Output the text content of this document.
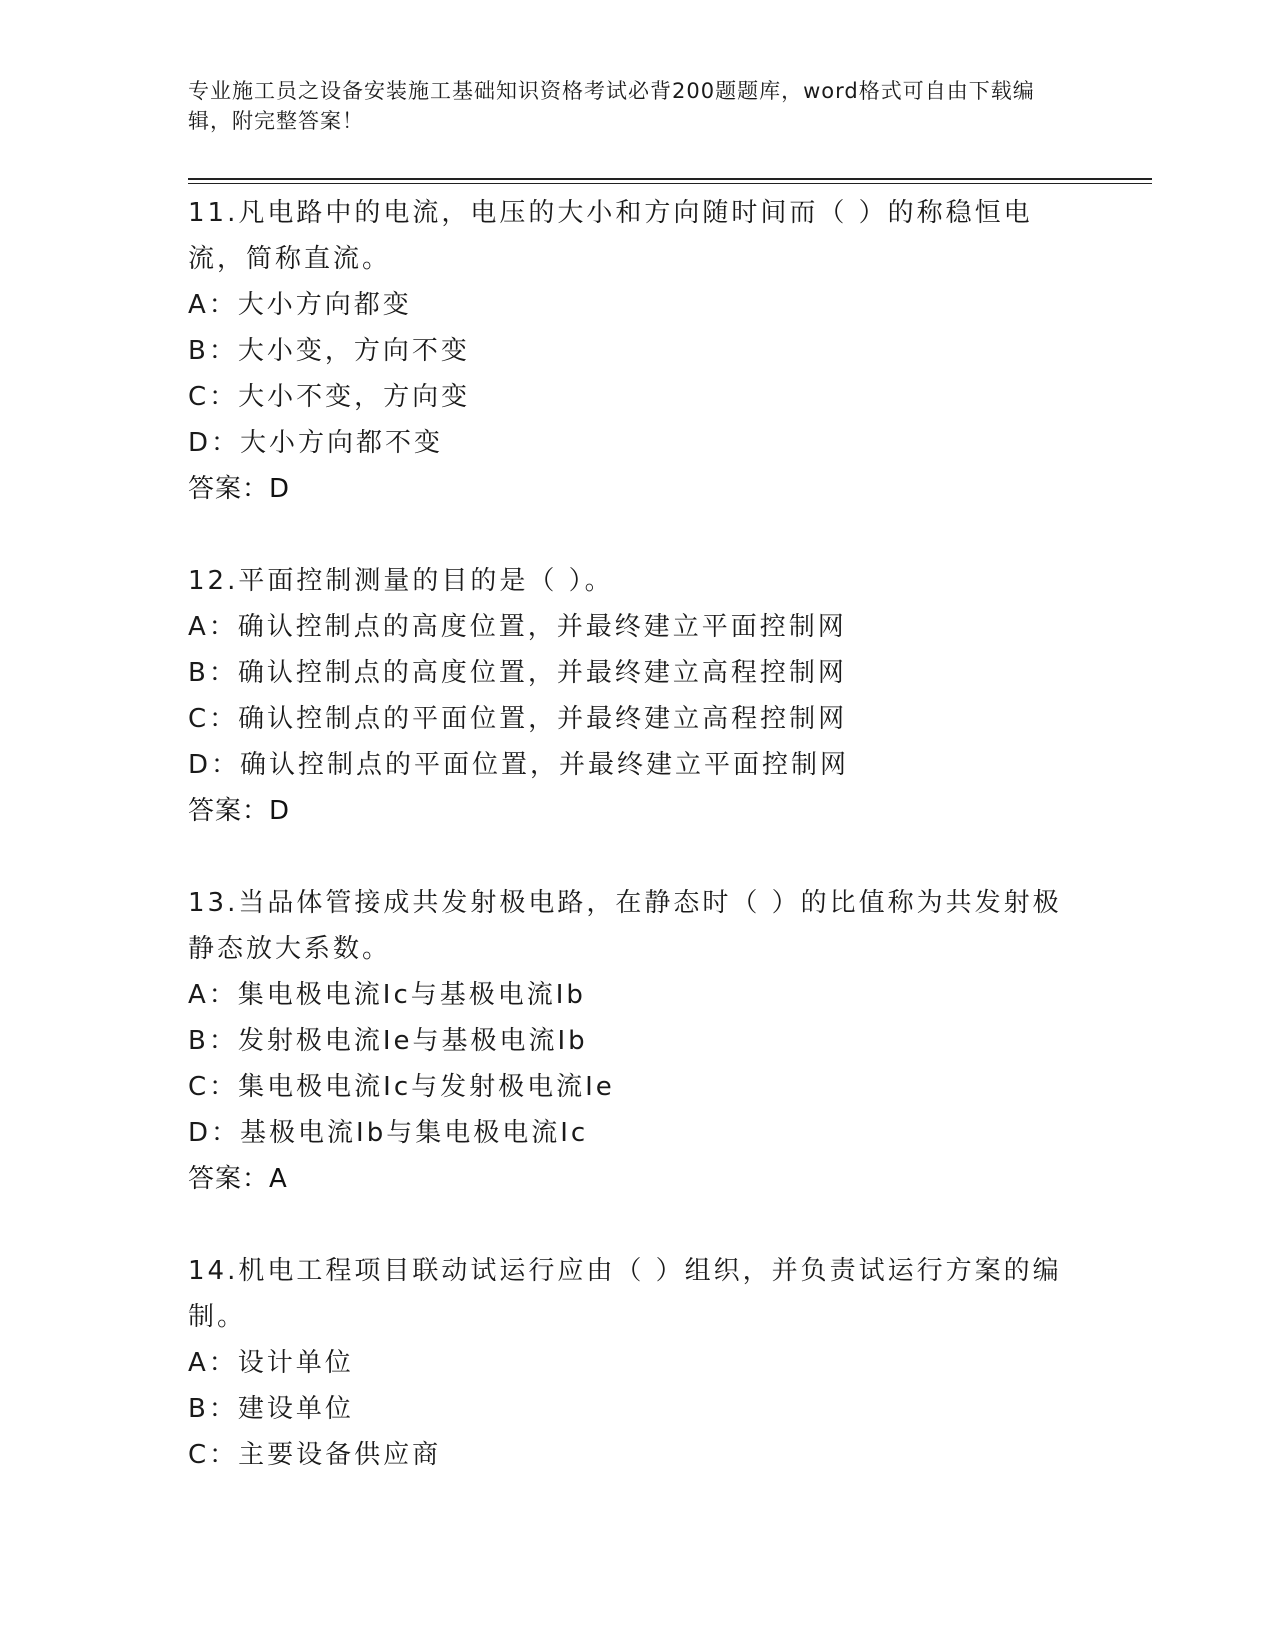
专业施工员之设备安装施工基础知识资格考试必背200题题库，word格式可自由下载编辑，附完整答案！
11.凡电路中的电流，电压的大小和方向随时间而（ ）的称稳恒电流，简称直流。
A：大小方向都变
B：大小变，方向不变
C：大小不变，方向变
D：大小方向都不变
答案：D
12.平面控制测量的目的是（ ）。
A：确认控制点的高度位置，并最终建立平面控制网
B：确认控制点的高度位置，并最终建立高程控制网
C：确认控制点的平面位置，并最终建立高程控制网
D：确认控制点的平面位置，并最终建立平面控制网
答案：D
13.当品体管接成共发射极电路，在静态时（ ）的比值称为共发射极静态放大系数。
A：集电极电流Ic与基极电流Ib
B：发射极电流Ie与基极电流Ib
C：集电极电流Ic与发射极电流Ie
D：基极电流Ib与集电极电流Ic
答案：A
14.机电工程项目联动试运行应由（ ）组织，并负责试运行方案的编制。
A：设计单位
B：建设单位
C：主要设备供应商
